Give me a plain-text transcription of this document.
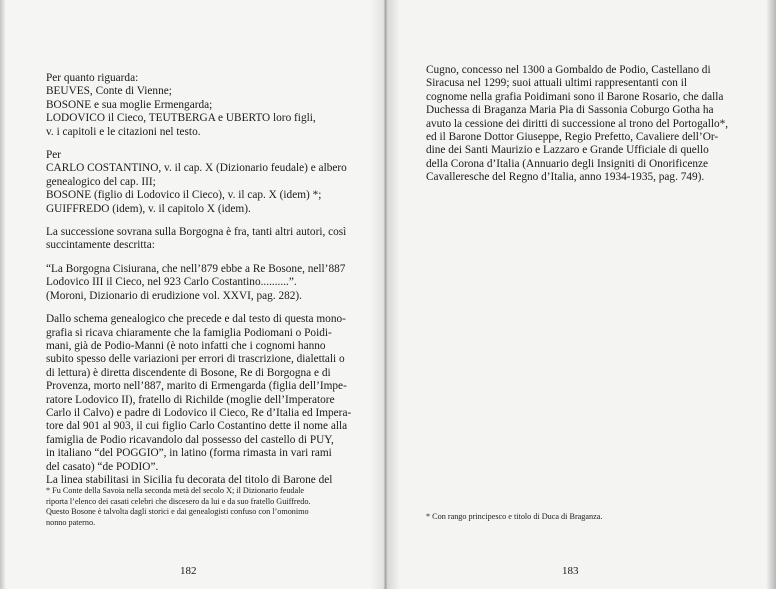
Per quanto riguarda:
BEUVES, Conte di Vienne;
BOSONE e sua moglie Ermengarda;
LODOVICO il Cieco, TEUTBERGA e UBERTO loro figli,
v. i capitoli e le citazioni nel testo.
Per
CARLO COSTANTINO, v. il cap. X (Dizionario feudale) e albero
genealogico del cap. III;
BOSONE (figlio di Lodovico il Cieco), v. il cap. X (idem) *;
GUIFFREDO (idem), v. il capitolo X (idem).
La successione sovrana sulla Borgogna è fra, tanti altri autori, così
succintamente descritta:
“La Borgogna Cisiurana, che nell’879 ebbe a Re Bosone, nell’887
Lodovico III il Cieco, nel 923 Carlo Costantino..........”.
(Moroni, Dizionario di erudizione vol. XXVI, pag. 282).
Dallo schema genealogico che precede e dal testo di questa mono-
grafia si ricava chiaramente che la famiglia Podiomani o Poidi-
mani, già de Podio-Manni (è noto infatti che i cognomi hanno
subito spesso delle variazioni per errori di trascrizione, dialettali o
di lettura) è diretta discendente di Bosone, Re di Borgogna e di
Provenza, morto nell’887, marito di Ermengarda (figlia dell’Impe-
ratore Lodovico II), fratello di Richilde (moglie dell’Imperatore
Carlo il Calvo) e padre di Lodovico il Cieco, Re d’Italia ed Impera-
tore dal 901 al 903, il cui figlio Carlo Costantino dette il nome alla
famiglia de Podio ricavandolo dal possesso del castello di PUY,
in italiano “del POGGIO”, in latino (forma rimasta in vari rami
del casato) “de PODIO”.
La linea stabilitasi in Sicilia fu decorata del titolo di Barone del
* Fu Conte della Savoia nella seconda metà del secolo X; il Dizionario feudale
riporta l’elenco dei casati celebri che discesero da lui e da suo fratello Guiffredo.
Questo Bosone è talvolta dagli storici e dai genealogisti confuso con l’omonimo
nonno paterno.
182
Cugno, concesso nel 1300 a Gombaldo de Podio, Castellano di
Siracusa nel 1299; suoi attuali ultimi rappresentanti con il
cognome nella grafia Poidimani sono il Barone Rosario, che dalla
Duchessa di Braganza Maria Pia di Sassonia Coburgo Gotha ha
avuto la cessione dei diritti di successione al trono del Portogallo*,
ed il Barone Dottor Giuseppe, Regio Prefetto, Cavaliere dell’Or-
dine dei Santi Maurizio e Lazzaro e Grande Ufficiale di quello
della Corona d’Italia (Annuario degli Insigniti di Onorificenze
Cavalleresche del Regno d’Italia, anno 1934-1935, pag. 749).
* Con rango principesco e titolo di Duca di Braganza.
183
